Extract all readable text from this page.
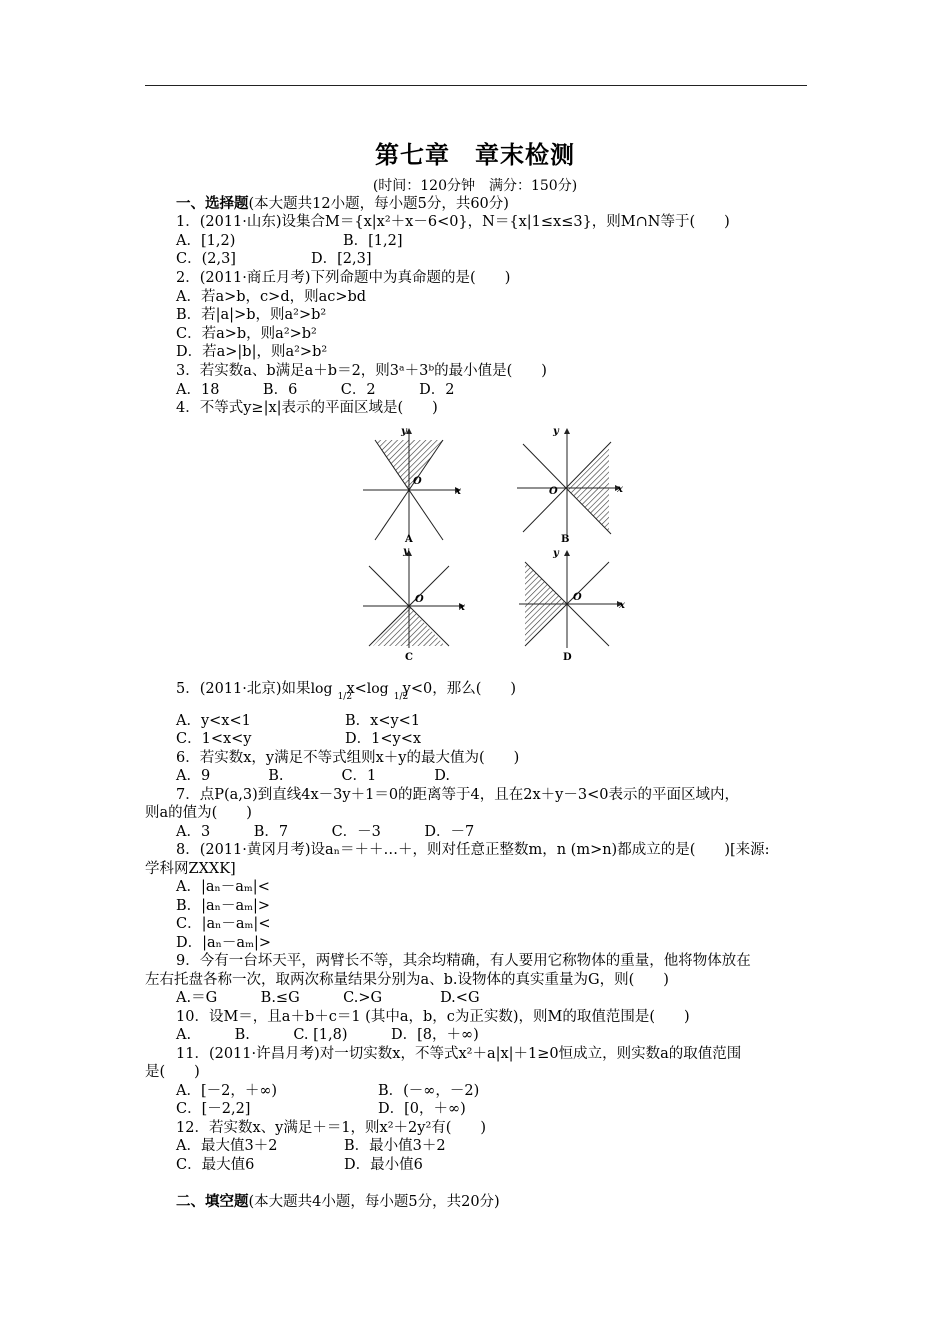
第七章　章末检测
(时间：120分钟　满分：150分)
一、选择题(本大题共12小题，每小题5分，共60分)
1．(2011·山东)设集合M＝{x|x²＋x－6<0}，N＝{x|1≤x≤3}，则M∩N等于(　　)
A．[1,2)	B．[1,2]
C．(2,3]	D．[2,3]
2．(2011·商丘月考)下列命题中为真命题的是(　　)
A．若a>b，c>d，则ac>bd
B．若|a|>b，则a²>b²
C．若a>b，则a²>b²
D．若a>|b|，则a²>b²
3．若实数a、b满足a＋b＝2，则3ᵃ＋3ᵇ的最小值是(　　)
A．18　　　B．6　　　C．2　　　D．2
4．不等式y≥|x|表示的平面区域是(　　)
y
x
O
A
y
x
O
B
y
x
O
C
y
x
O
D
5．(2011·北京)如果log 1/2
x<log 1/2
y<0，那么(　　)
A．y<x<1	B．x<y<1
C．1<x<y	D．1<y<x
6．若实数x，y满足不等式组则x＋y的最大值为(　　)
A．9　　　　B.　　　　C．1　　　　D.
7．点P(a,3)到直线4x－3y＋1＝0的距离等于4，且在2x＋y－3<0表示的平面区域内，
则a的值为(　　)
A．3　　　B．7　　　C．－3　　　D．－7
8．(2011·黄冈月考)设aₙ＝＋＋…＋，则对任意正整数m，n (m>n)都成立的是(　　)[来源:
学科网ZXXK]
A．|aₙ－aₘ|<
B．|aₙ－aₘ|>
C．|aₙ－aₘ|<
D．|aₙ－aₘ|>
9．今有一台坏天平，两臂长不等，其余均精确，有人要用它称物体的重量，他将物体放在
左右托盘各称一次，取两次称量结果分别为a、b.设物体的真实重量为G，则(　　)
A.＝G　　　B.≤G　　　C.>G　　　　D.<G
10．设M＝，且a＋b＋c＝1 (其中a，b，c为正实数)，则M的取值范围是(　　)
A.　　　B.　　　C. [1,8)　　　D．[8，＋∞)
11．(2011·许昌月考)对一切实数x，不等式x²＋a|x|＋1≥0恒成立，则实数a的取值范围
是(　　)
A．[－2，＋∞)	B．(－∞，－2)
C．[－2,2]	D．[0，＋∞)
12．若实数x、y满足＋＝1，则x²＋2y²有(　　)
A．最大值3＋2	B．最小值3＋2
C．最大值6	D．最小值6
二、填空题(本大题共4小题，每小题5分，共20分)
